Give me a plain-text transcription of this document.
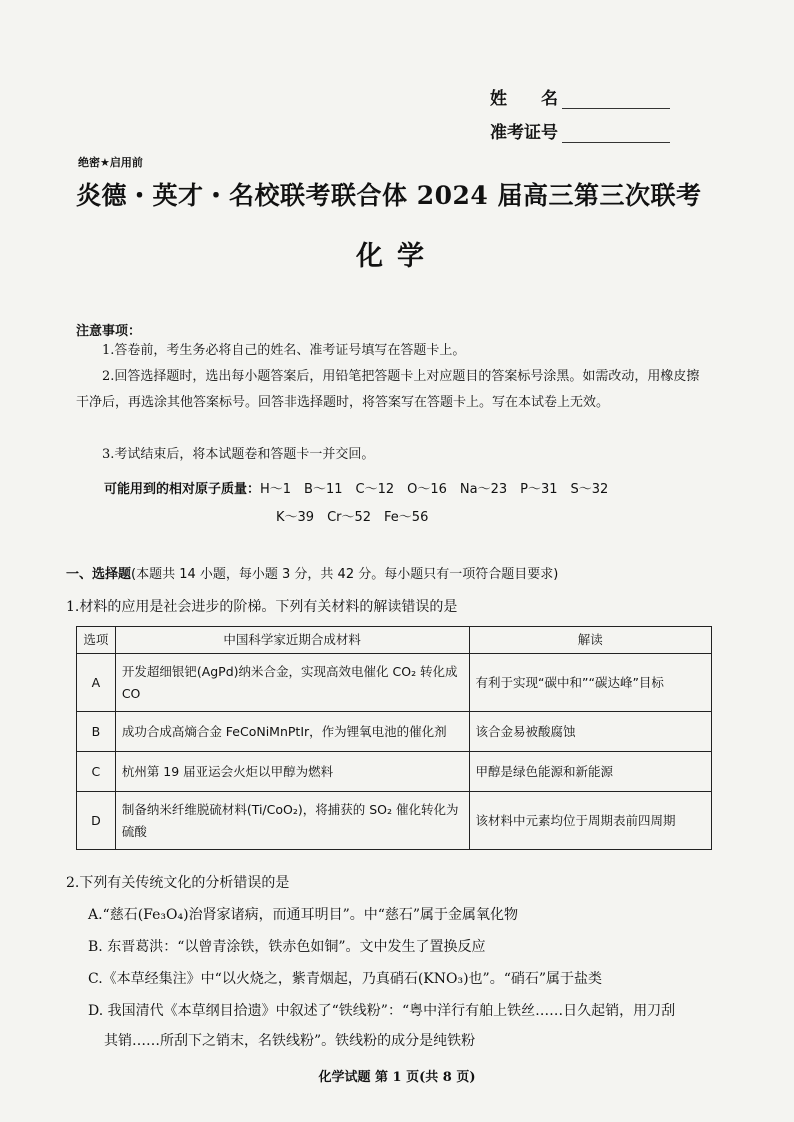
姓　　名
准考证号
绝密★启用前
炎德・英才・名校联考联合体 2024 届高三第三次联考
化学
注意事项：
1.答卷前，考生务必将自己的姓名、准考证号填写在答题卡上。
2.回答选择题时，选出每小题答案后，用铅笔把答题卡上对应题目的答案标号涂黑。如需改动，用橡皮擦干净后，再选涂其他答案标号。回答非选择题时，将答案写在答题卡上。写在本试卷上无效。
3.考试结束后，将本试题卷和答题卡一并交回。
可能用到的相对原子质量：H～1　B～11　C～12　O～16　Na～23　P～31　S～32
K～39　Cr～52　Fe～56
一、选择题(本题共 14 小题，每小题 3 分，共 42 分。每小题只有一项符合题目要求)
1.材料的应用是社会进步的阶梯。下列有关材料的解读错误的是
选项	中国科学家近期合成材料	解读
A	开发超细银钯(AgPd)纳米合金，实现高效电催化 CO₂ 转化成CO	有利于实现“碳中和”“碳达峰”目标
B	成功合成高熵合金 FeCoNiMnPtIr，作为锂氧电池的催化剂	该合金易被酸腐蚀
C	杭州第 19 届亚运会火炬以甲醇为燃料	甲醇是绿色能源和新能源
D	制备纳米纤维脱硫材料(Ti/CoO₂)，将捕获的 SO₂ 催化转化为硫酸	该材料中元素均位于周期表前四周期
2.下列有关传统文化的分析错误的是
A.“慈石(Fe₃O₄)治肾家诸病，而通耳明目”。中“慈石”属于金属氧化物
B. 东晋葛洪：“以曾青涂铁，铁赤色如铜”。文中发生了置换反应
C.《本草经集注》中“以火烧之，紫青烟起，乃真硝石(KNO₃)也”。“硝石”属于盐类
D. 我国清代《本草纲目拾遗》中叙述了“铁线粉”：“粤中洋行有舶上铁丝……日久起销，用刀刮
其销……所刮下之销末，名铁线粉”。铁线粉的成分是纯铁粉
化学试题 第 1 页(共 8 页)
